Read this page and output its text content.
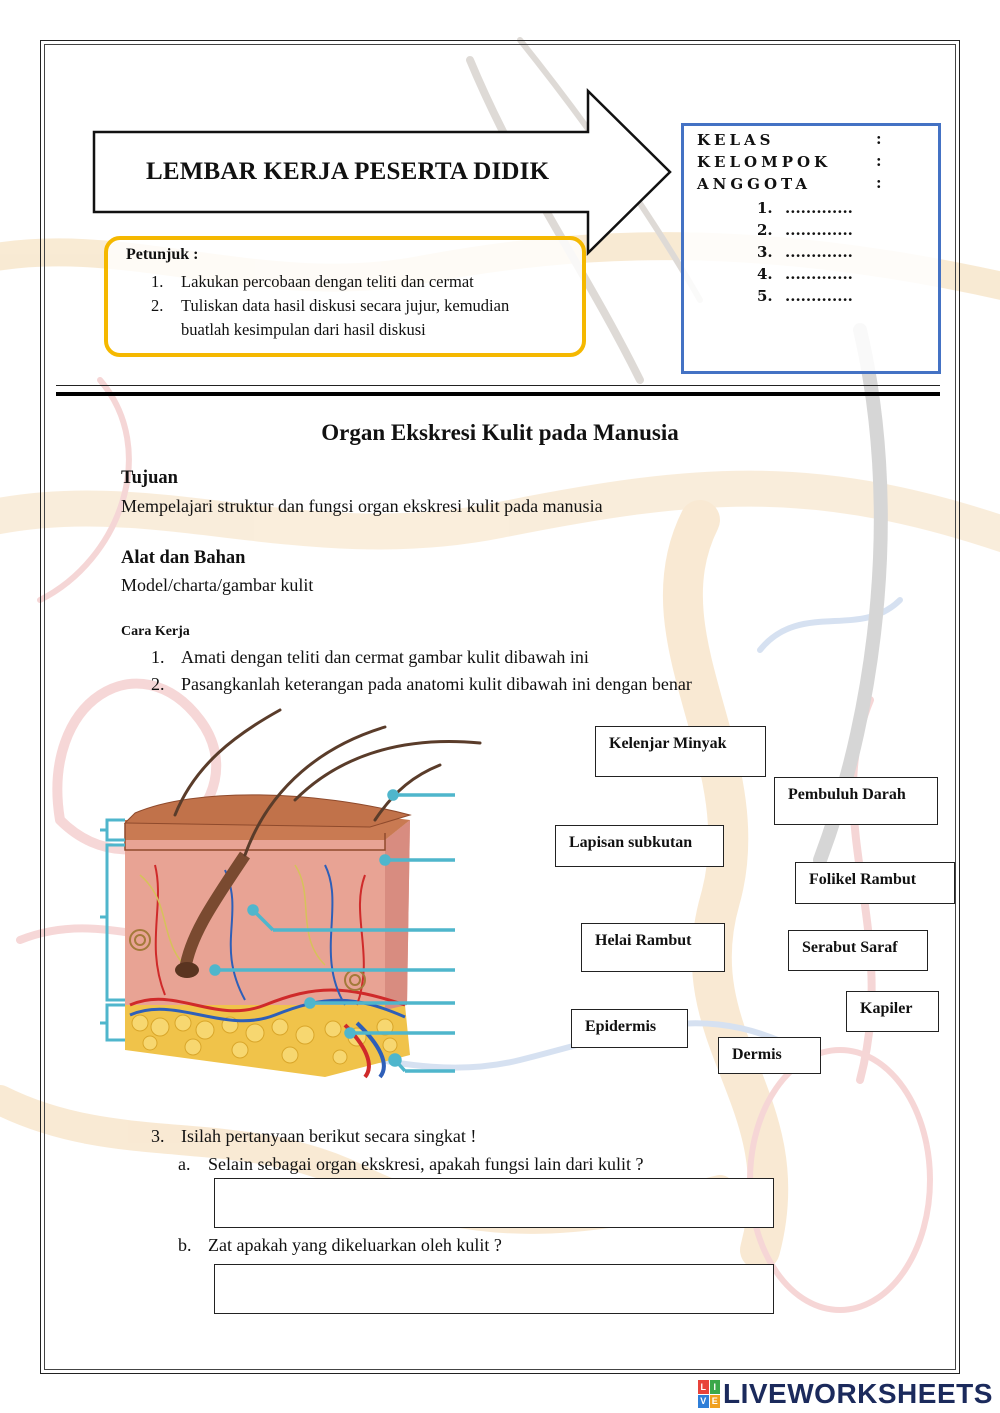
LEMBAR KERJA PESERTA DIDIK
KELAS	:
KELOMPOK	:
ANGGOTA	:
1. .............
2. .............
3. .............
4. .............
5. .............
Petunjuk :
1. Lakukan percobaan dengan teliti dan cermat
2. Tuliskan data hasil diskusi secara jujur, kemudian
buatlah kesimpulan dari hasil diskusi
Organ Ekskresi Kulit pada Manusia
Tujuan
Mempelajari struktur dan fungsi organ ekskresi kulit pada manusia
Alat dan Bahan
Model/charta/gambar kulit
Cara Kerja
1. Amati dengan teliti dan cermat gambar kulit dibawah ini
2. Pasangkanlah keterangan pada anatomi kulit dibawah ini dengan benar
Kelenjar Minyak
Pembuluh Darah
Lapisan subkutan
Folikel Rambut
Helai Rambut	Serabut Saraf
Kapiler
Epidermis
Dermis
3. Isilah pertanyaan berikut secara singkat !
a. Selain sebagai organ ekskresi, apakah fungsi lain dari kulit ?
b. Zat apakah yang dikeluarkan oleh kulit ?
L I
V E LIVEWORKSHEETS
